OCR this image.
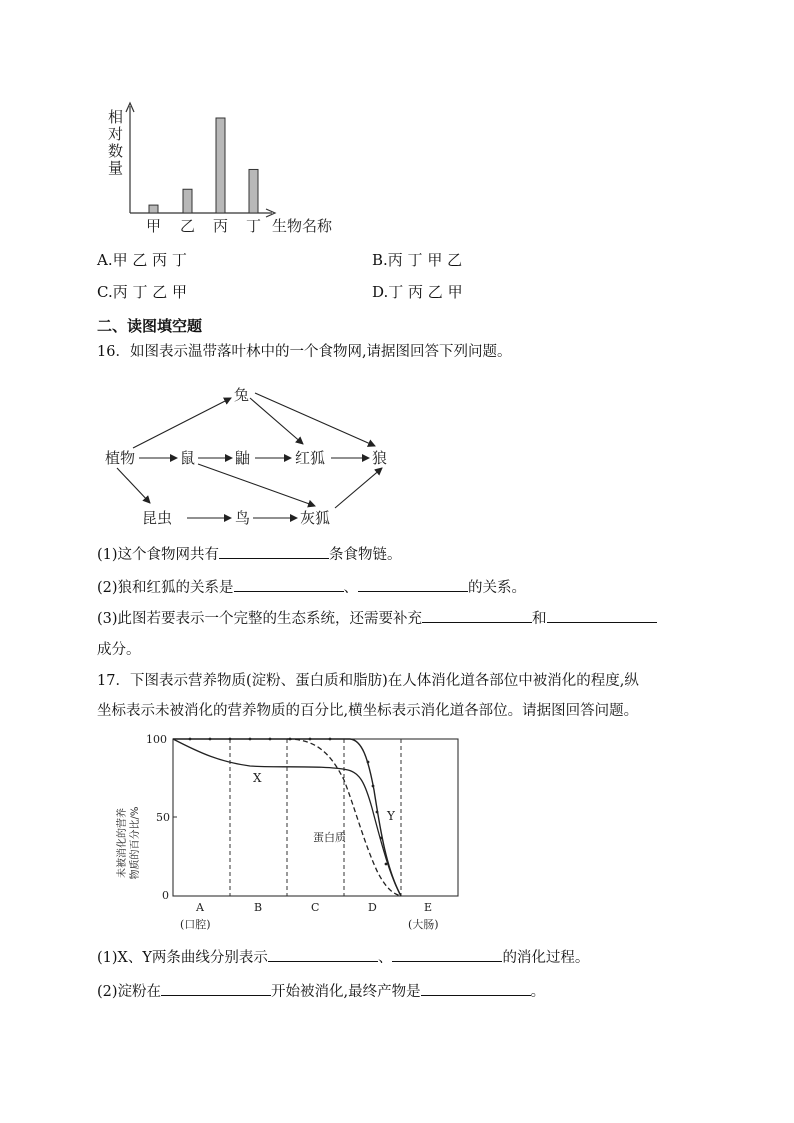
相
对
数
量
甲 乙 丙 丁 生物名称
A.甲 乙 丙 丁	B.丙 丁 甲 乙
C.丙 丁 乙 甲	D.丁 丙 乙 甲
二、读图填空题
16．如图表示温带落叶林中的一个食物网,请据图回答下列问题。
兔
植物	鼠	鼬	红狐	狼
昆虫	鸟	灰狐
(1)这个食物网共有	条食物链。
(2)狼和红狐的关系是	、	的关系。
(3)此图若要表示一个完整的生态系统，还需要补充	和
成分。
17．下图表示营养物质(淀粉、蛋白质和脂肪)在人体消化道各部位中被消化的程度,纵
坐标表示未被消化的营养物质的百分比,横坐标表示消化道各部位。请据图回答问题。
未被消化的营养 物质的百分比/%
100
50
0
X
Y
蛋白质
A	B	C	D	E
(口腔)	(大肠)
(1)X、Y两条曲线分别表示	、	的消化过程。
(2)淀粉在	开始被消化,最终产物是	。
